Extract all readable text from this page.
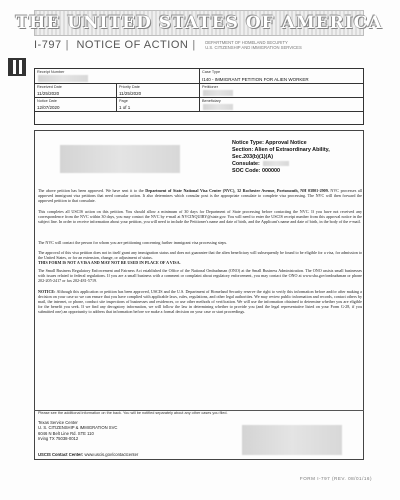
THE UNITED STATES OF AMERICA
I-797 | NOTICE OF ACTION | DEPARTMENT OF HOMELAND SECURITY
U.S. CITIZENSHIP AND IMMIGRATION SERVICES
Receipt Number	Case Type
I140 - IMMIGRANT PETITION FOR ALIEN WORKER
Received Date
11/25/2020
Priority Date
11/25/2020
Petitioner
Notice Date
12/07/2020
Page
1 of 1
Beneficiary
Notice Type: Approval Notice
Section: Alien of Extraordinary Ability,
Sec.203(b)(1)(A)
Consulate:
SOC Code: 000000
The above petition has been approved. We have sent it to the Department of State National Visa Center (NVC), 32 Rochester Avenue, Portsmouth, NH 03801-2909. NVC processes all approved immigrant visa petitions that need consular action. It also determines which consular post is the appropriate consulate to complete visa processing. The NVC will then forward the approved petition to that consulate.
This completes all USCIS action on this petition. You should allow a minimum of 30 days for Department of State processing before contacting the NVC. If you have not received any correspondence from the NVC within 30 days, you may contact the NVC by e-mail at NVCINQUIRY@state.gov. You will need to enter the USCIS receipt number from this approval notice in the subject line. In order to receive information about your petition, you will need to include the Petitioner's name and date of birth, and the Applicant's name and date of birth, in the body of the e-mail.
The NVC will contact the person for whom you are petitioning concerning further immigrant visa processing steps.
The approval of this visa petition does not in itself grant any immigration status and does not guarantee that the alien beneficiary will subsequently be found to be eligible for a visa, for admission to the United States, or for an extension, change, or adjustment of status.
THIS FORM IS NOT A VISA AND MAY NOT BE USED IN PLACE OF A VISA.
The Small Business Regulatory Enforcement and Fairness Act established the Office of the National Ombudsman (ONO) at the Small Business Administration. The ONO assists small businesses with issues related to federal regulations. If you are a small business with a comment or complaint about regulatory enforcement, you may contact the ONO at www.sba.gov/ombudsman or phone 202-205-2417 or fax 202-481-5719.
NOTICE: Although this application or petition has been approved, USCIS and the U.S. Department of Homeland Security reserve the right to verify this information before and/or after making a decision on your case so we can ensure that you have complied with applicable laws, rules, regulations, and other legal authorities. We may review public information and records, contact others by mail, the internet, or phone, conduct site inspections of businesses and residences, or use other methods of verification. We will use the information obtained to determine whether you are eligible for the benefit you seek. If we find any derogatory information, we will follow the law in determining whether to provide you (and the legal representative listed on your Form G-28, if you submitted one) an opportunity to address that information before we make a formal decision on your case or start proceedings.
Please see the additional information on the back. You will be notified separately about any other cases you filed.
Texas Service Center
U. S. CITIZENSHIP & IMMIGRATION SVC
6046 N Belt Line Rd. STE 110
Irving TX 75038-0012
USCIS Contact Center: www.uscis.gov/contactcenter
FORM I-797 (REV. 08/01/16)
